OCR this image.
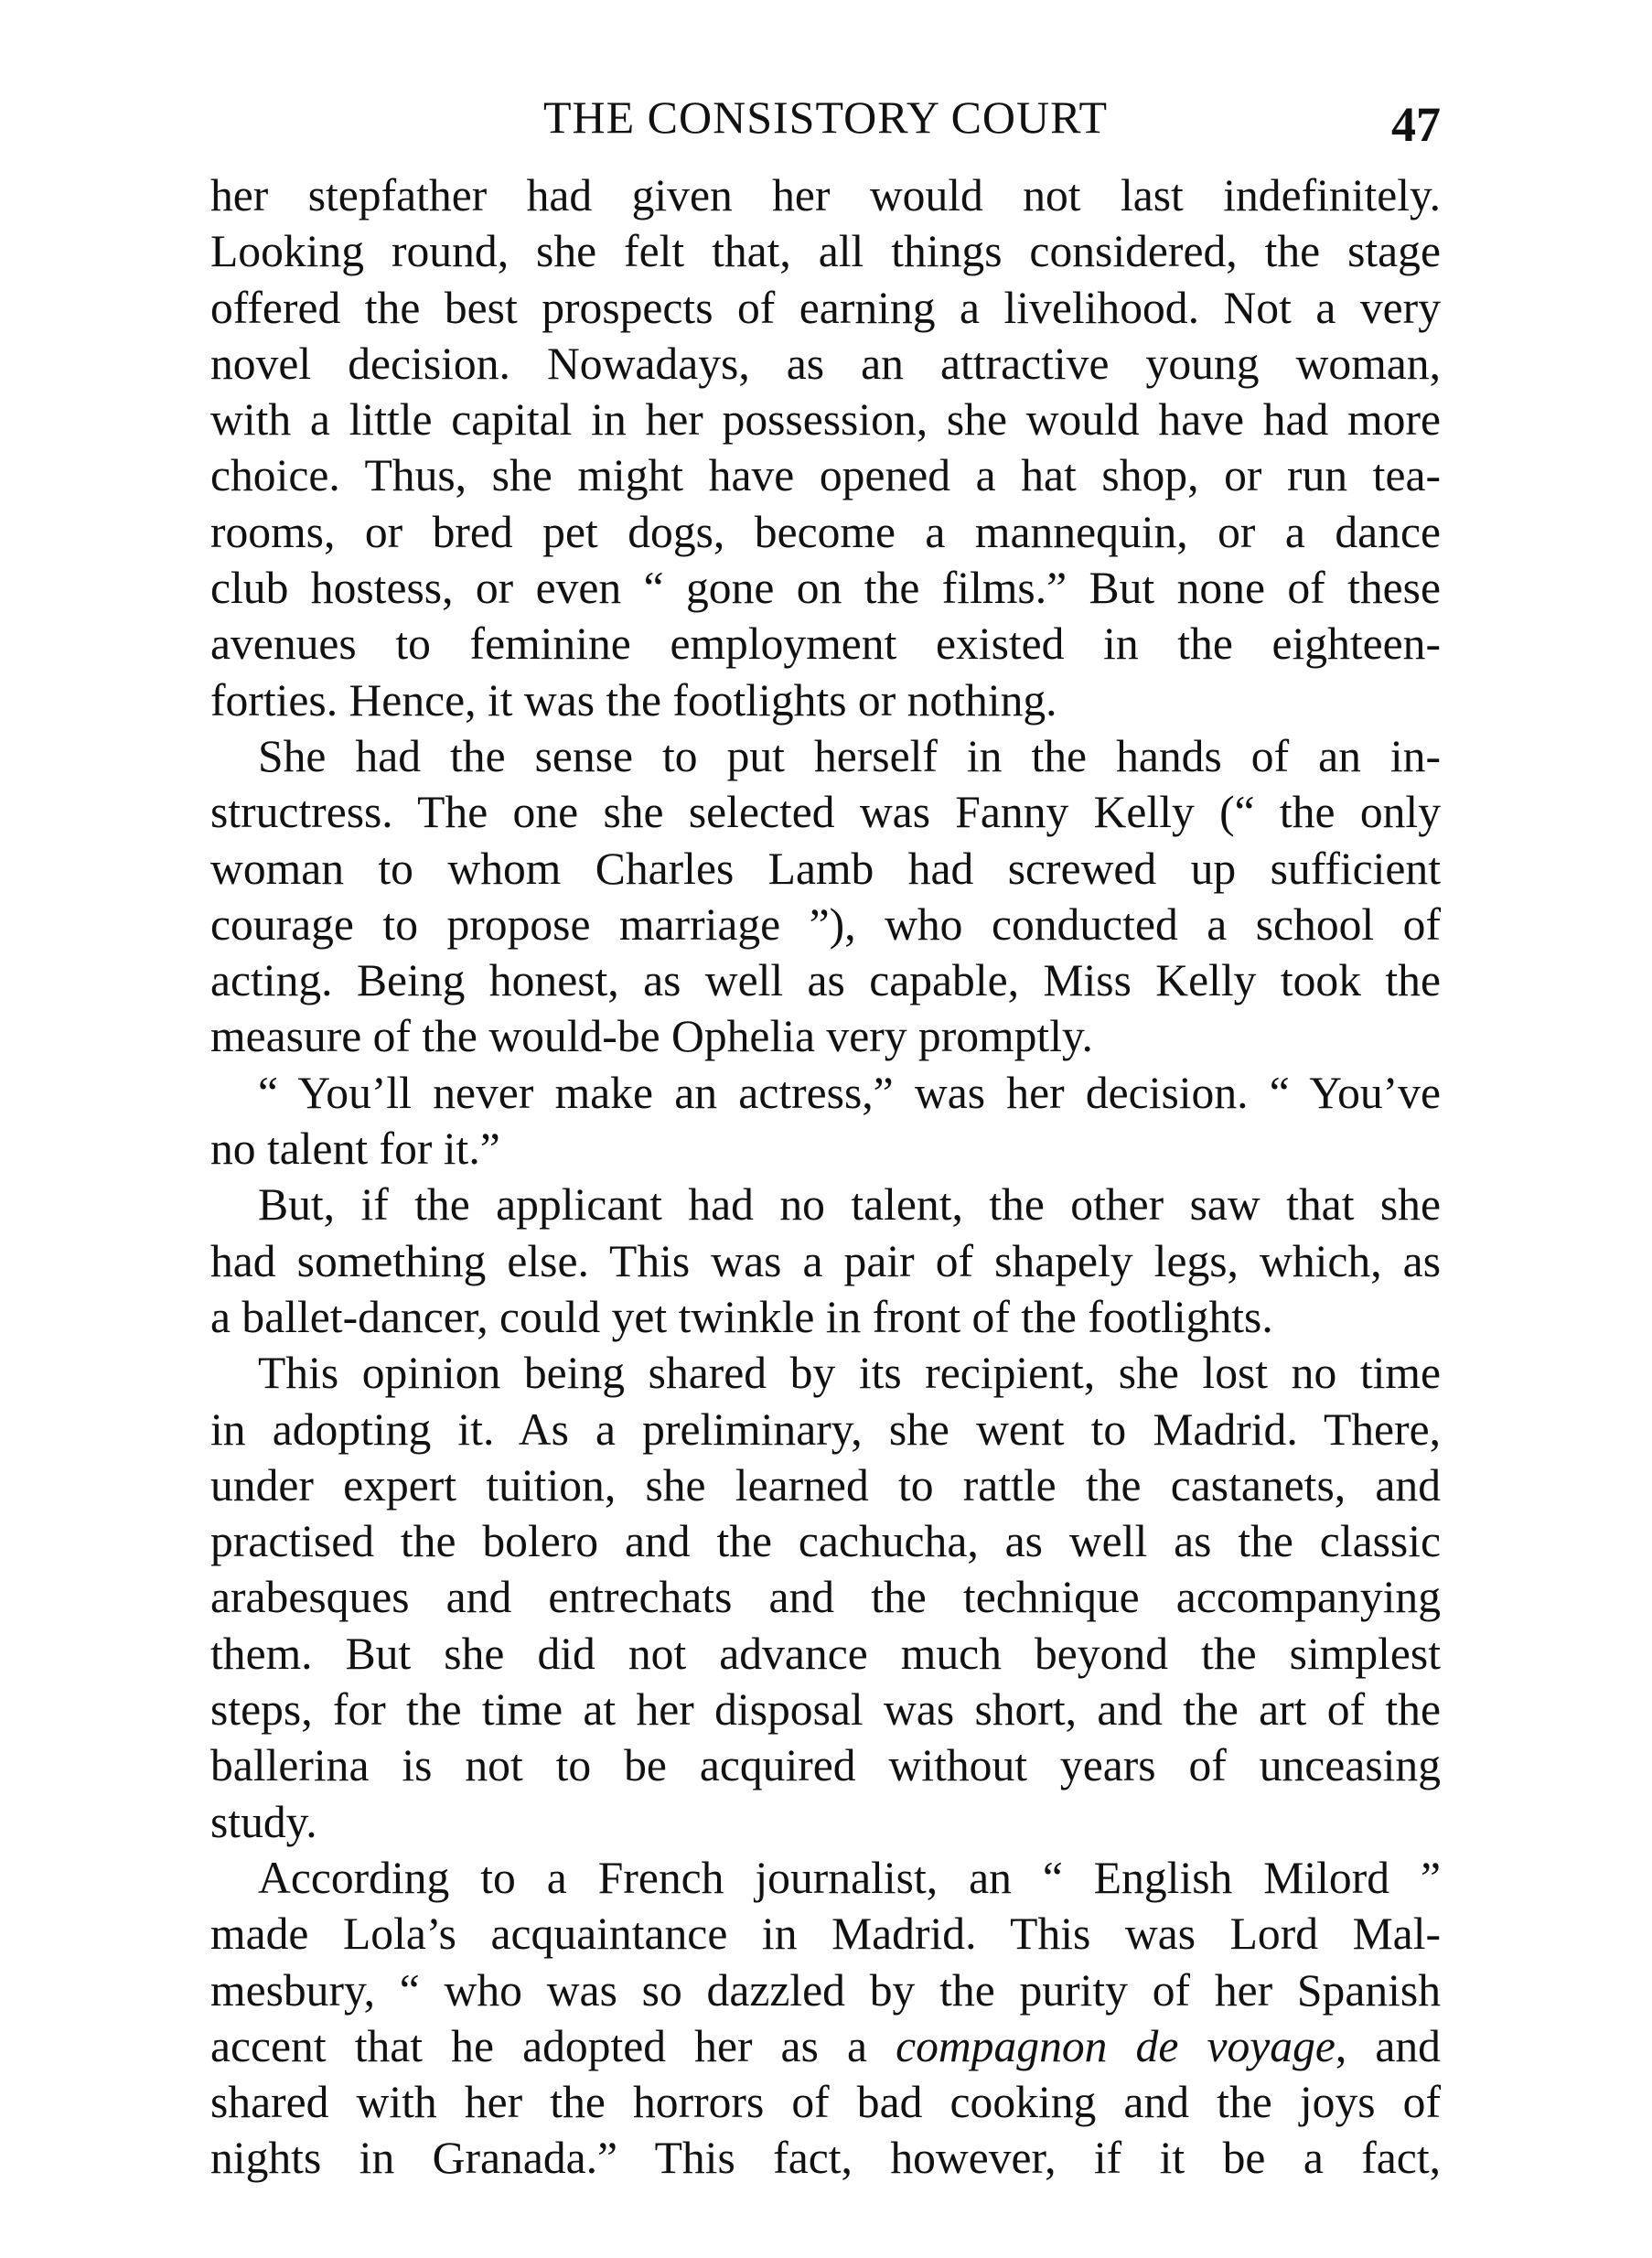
THE CONSISTORY COURT	47

her stepfather had given her would not last indefinitely.
Looking round, she felt that, all things considered, the stage
offered the best prospects of earning a livelihood. Not a very
novel decision. Nowadays, as an attractive young woman,
with a little capital in her possession, she would have had more
choice. Thus, she might have opened a hat shop, or run tea-
rooms, or bred pet dogs, become a mannequin, or a dance
club hostess, or even “ gone on the films.” But none of these
avenues to feminine employment existed in the eighteen-
forties. Hence, it was the footlights or nothing.

She had the sense to put herself in the hands of an in-
structress. The one she selected was Fanny Kelly (“ the only
woman to whom Charles Lamb had screwed up sufficient
courage to propose marriage ”), who conducted a school of
acting. Being honest, as well as capable, Miss Kelly took the
measure of the would-be Ophelia very promptly.

“ You’ll never make an actress,” was her decision. “ You’ve
no talent for it.”

But, if the applicant had no talent, the other saw that she
had something else. This was a pair of shapely legs, which, as
a ballet-dancer, could yet twinkle in front of the footlights.

This opinion being shared by its recipient, she lost no time
in adopting it. As a preliminary, she went to Madrid. There,
under expert tuition, she learned to rattle the castanets, and
practised the bolero and the cachucha, as well as the classic
arabesques and entrechats and the technique accompanying
them. But she did not advance much beyond the simplest
steps, for the time at her disposal was short, and the art of the
ballerina is not to be acquired without years of unceasing
study.

According to a French journalist, an “ English Milord ”
made Lola’s acquaintance in Madrid. This was Lord Mal-
mesbury, “ who was so dazzled by the purity of her Spanish
accent that he adopted her as a compagnon de voyage, and
shared with her the horrors of bad cooking and the joys of
nights in Granada.” This fact, however, if it be a fact,
